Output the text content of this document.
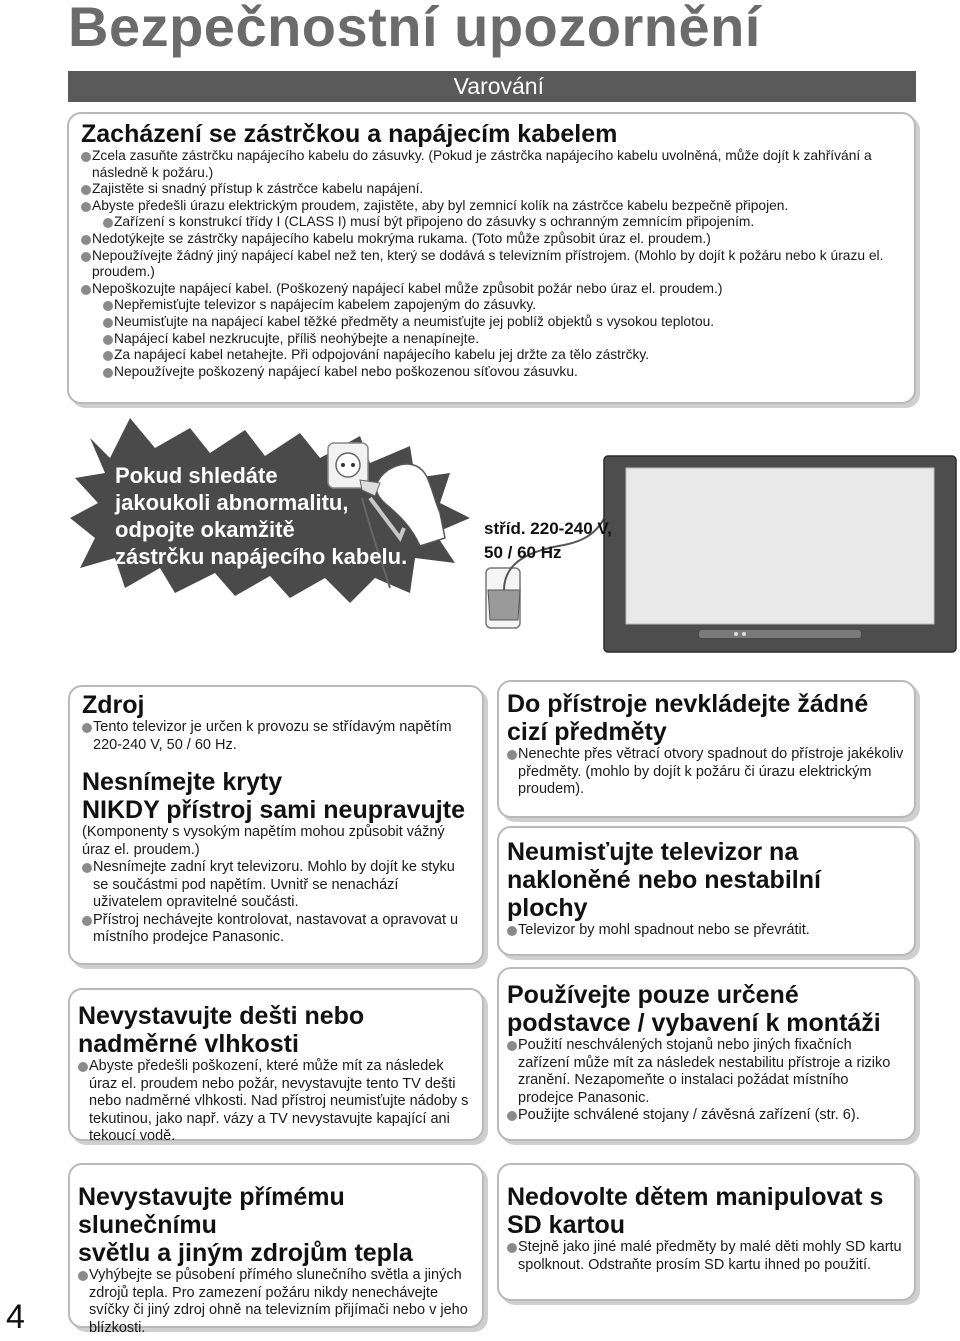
Bezpečnostní upozornění
Varování
Zacházení se zástrčkou a napájecím kabelem
Zcela zasuňte zástrčku napájecího kabelu do zásuvky. (Pokud je zástrčka napájecího kabelu uvolněná, může dojít k zahřívání a následně k požáru.)
Zajistěte si snadný přístup k zástrčce kabelu napájení.
Abyste předešli úrazu elektrickým proudem, zajistěte, aby byl zemnicí kolík na zástrčce kabelu bezpečně připojen.
Zařízení s konstrukcí třídy I (CLASS I) musí být připojeno do zásuvky s ochranným zemnícím připojením.
Nedotýkejte se zástrčky napájecího kabelu mokrýma rukama. (Toto může způsobit úraz el. proudem.)
Nepoužívejte žádný jiný napájecí kabel než ten, který se dodává s televizním přístrojem. (Mohlo by dojít k požáru nebo k úrazu el. proudem.)
Nepoškozujte napájecí kabel. (Poškozený napájecí kabel může způsobit požár nebo úraz el. proudem.)
Nepřemisťujte televizor s napájecím kabelem zapojeným do zásuvky.
Neumisťujte na napájecí kabel těžké předměty a neumisťujte jej poblíž objektů s vysokou teplotou.
Napájecí kabel nezkrucujte, příliš neohýbejte a nenapínejte.
Za napájecí kabel netahejte. Při odpojování napájecího kabelu jej držte za tělo zástrčky.
Nepoužívejte poškozený napájecí kabel nebo poškozenou síťovou zásuvku.
Pokud shledáte
jakoukoli abnormalitu,
odpojte okamžitě
zástrčku napájecího kabelu.
stříd. 220-240 V,
50 / 60 Hz
Zdroj
Tento televizor je určen k provozu se střídavým napětím 220-240 V, 50 / 60 Hz.
Nesnímejte kryty
NIKDY přístroj sami neupravujte

(Komponenty s vysokým napětím mohou způsobit vážný úraz el. proudem.)

Nesnímejte zadní kryt televizoru. Mohlo by dojít ke styku se součástmi pod napětím. Uvnitř se nenachází uživatelem opravitelné součásti.
Přístroj nechávejte kontrolovat, nastavovat a opravovat u místního prodejce Panasonic.
Nevystavujte dešti nebo
nadměrné vlhkosti
Abyste předešli poškození, které může mít za následek úraz el. proudem nebo požár, nevystavujte tento TV dešti nebo nadměrné vlhkosti. Nad přístroj neumisťujte nádoby s tekutinou, jako např. vázy a TV nevystavujte kapající ani tekoucí vodě.
Nevystavujte přímému slunečnímu
světlu a jiným zdrojům tepla
Vyhýbejte se působení přímého slunečního světla a jiných zdrojů tepla. Pro zamezení požáru nikdy nenechávejte svíčky či jiný zdroj ohně na televizním přijímači nebo v jeho blízkosti.
Do přístroje nevkládejte žádné
cizí předměty
Nenechte přes větrací otvory spadnout do přístroje jakékoliv předměty. (mohlo by dojít k požáru či úrazu elektrickým proudem).
Neumisťujte televizor na
nakloněné nebo nestabilní
plochy
Televizor by mohl spadnout nebo se převrátit.
Používejte pouze určené
podstavce / vybavení k montáži
Použití neschválených stojanů nebo jiných fixačních zařízení může mít za následek nestabilitu přístroje a riziko zranění. Nezapomeňte o instalaci požádat místního prodejce Panasonic.
Použijte schválené stojany / závěsná zařízení (str. 6).
Nedovolte dětem manipulovat s
SD kartou
Stejně jako jiné malé předměty by malé děti mohly SD kartu spolknout. Odstraňte prosím SD kartu ihned po použití.
4
